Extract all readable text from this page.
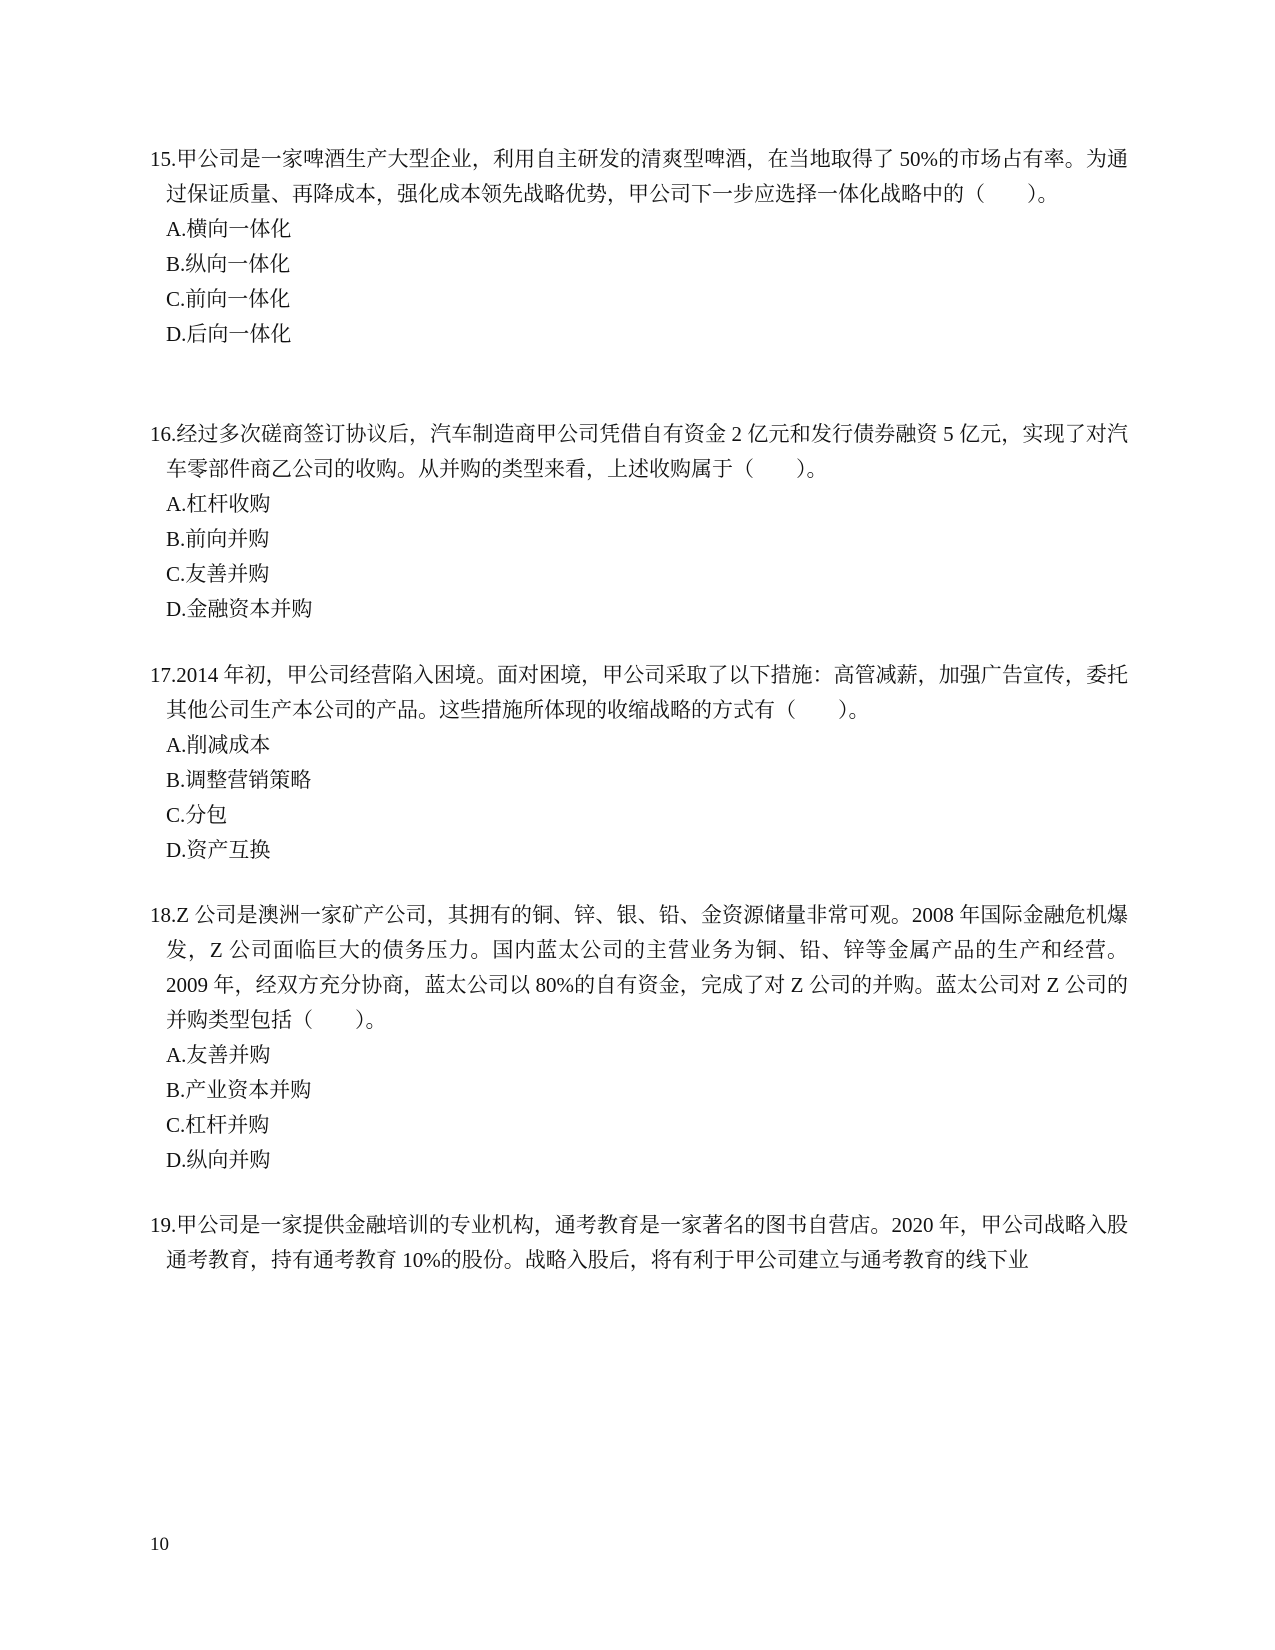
15.甲公司是一家啤酒生产大型企业，利用自主研发的清爽型啤酒，在当地取得了 50%的市场占有率。为通过保证质量、再降成本，强化成本领先战略优势，甲公司下一步应选择一体化战略中的（　　）。

A.横向一体化
B.纵向一体化
C.前向一体化
D.后向一体化

16.经过多次磋商签订协议后，汽车制造商甲公司凭借自有资金 2 亿元和发行债券融资 5 亿元，实现了对汽车零部件商乙公司的收购。从并购的类型来看，上述收购属于（　　）。

A.杠杆收购
B.前向并购
C.友善并购
D.金融资本并购

17.2014 年初，甲公司经营陷入困境。面对困境，甲公司采取了以下措施：高管减薪，加强广告宣传，委托其他公司生产本公司的产品。这些措施所体现的收缩战略的方式有（　　）。

A.削减成本
B.调整营销策略
C.分包
D.资产互换

18.Z 公司是澳洲一家矿产公司，其拥有的铜、锌、银、铅、金资源储量非常可观。2008 年国际金融危机爆发，Z 公司面临巨大的债务压力。国内蓝太公司的主营业务为铜、铅、锌等金属产品的生产和经营。2009 年，经双方充分协商，蓝太公司以 80%的自有资金，完成了对 Z 公司的并购。蓝太公司对 Z 公司的并购类型包括（　　）。

A.友善并购
B.产业资本并购
C.杠杆并购
D.纵向并购

19.甲公司是一家提供金融培训的专业机构，通考教育是一家著名的图书自营店。2020 年，甲公司战略入股通考教育，持有通考教育 10%的股份。战略入股后，将有利于甲公司建立与通考教育的线下业

10
